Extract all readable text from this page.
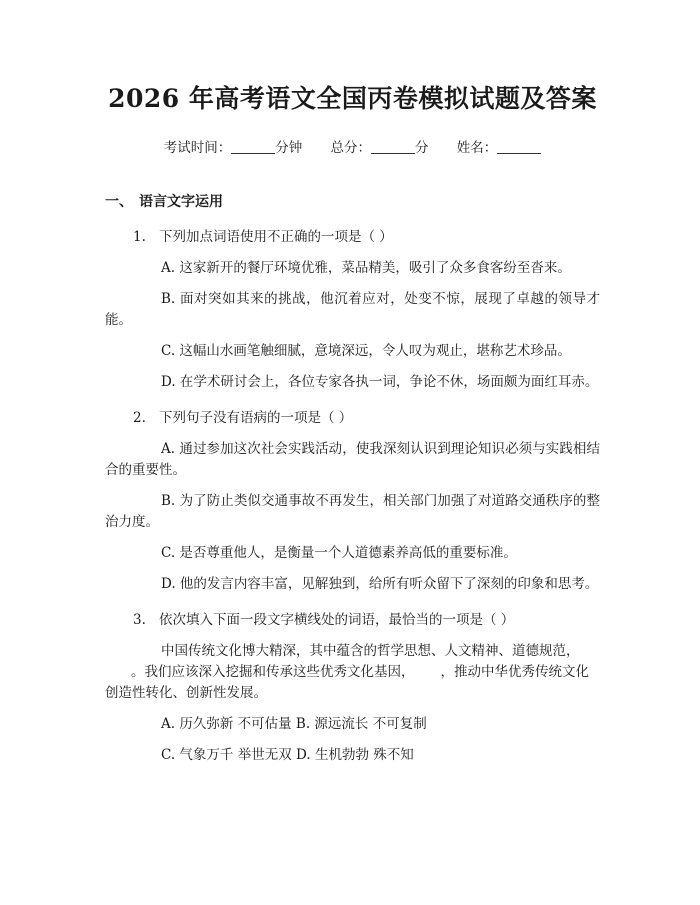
2026 年高考语文全国丙卷模拟试题及答案
考试时间：	分钟 总分：	分 姓名：
一、 语言文字运用
1. 下列加点词语使用不正确的一项是（ ）
A. 这家新开的餐厅环境优雅，菜品精美，吸引了众多食客纷至沓来。
B. 面对突如其来的挑战，他沉着应对，处变不惊，展现了卓越的领导才能。
C. 这幅山水画笔触细腻，意境深远，令人叹为观止，堪称艺术珍品。
D. 在学术研讨会上，各位专家各执一词，争论不休，场面颇为面红耳赤。
2. 下列句子没有语病的一项是（ ）
A. 通过参加这次社会实践活动，使我深刻认识到理论知识必须与实践相结合的重要性。
B. 为了防止类似交通事故不再发生，相关部门加强了对道路交通秩序的整治力度。
C. 是否尊重他人，是衡量一个人道德素养高低的重要标准。
D. 他的发言内容丰富，见解独到，给所有听众留下了深刻的印象和思考。
3. 依次填入下面一段文字横线处的词语，最恰当的一项是（ ）
中国传统文化博大精深，其中蕴含的哲学思想、人文精神、道德规范，。我们应该深入挖掘和传承这些优秀文化基因， ，推动中华优秀传统文化创造性转化、创新性发展。
A. 历久弥新 不可估量 B. 源远流长 不可复制
C. 气象万千 举世无双 D. 生机勃勃 殊不知
